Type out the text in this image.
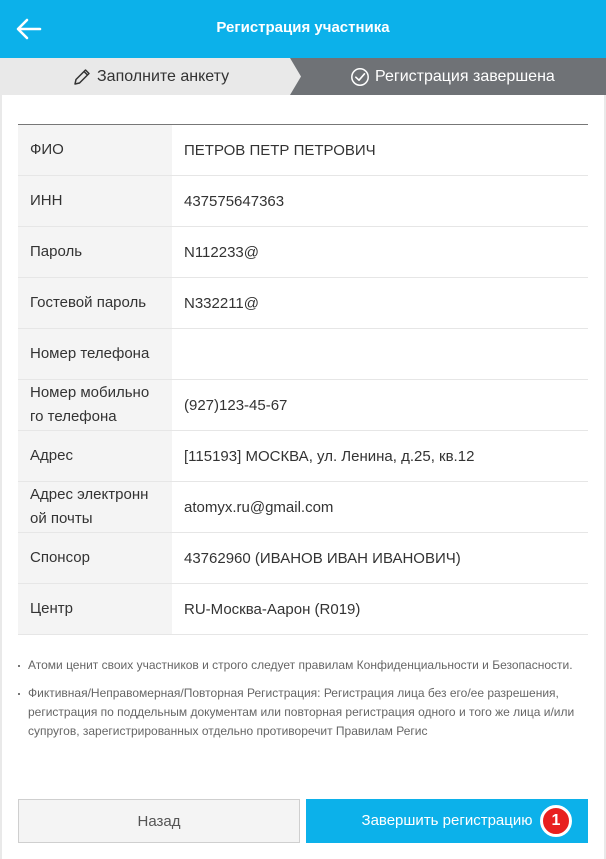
Регистрация участника
Заполните анкету	Регистрация завершена
ФИО	ПЕТРОВ ПЕТР ПЕТРОВИЧ

ИНН	437575647363

Пароль	N112233@

Гостевой пароль	N332211@

Номер телефона	

Номер мобильного телефона	(927)123-45-67

Адрес	[115193] МОСКВА, ул. Ленина, д.25, кв.12

Адрес электронной почты	atomyx.ru@gmail.com

Спонсор	43762960 (ИВАНОВ ИВАН ИВАНОВИЧ)

Центр	RU-Москва-Аарон (R019)
Атоми ценит своих участников и строго следует правилам Конфиденциальности и Безопасности.
Фиктивная/Неправомерная/Повторная Регистрация: Регистрация лица без его/ее разрешения, регистрация по поддельным документам или повторная регистрация одного и того же лица и/или супругов, зарегистрированных отдельно противоречит Правилам Регис
Назад	Завершить регистрацию	1
